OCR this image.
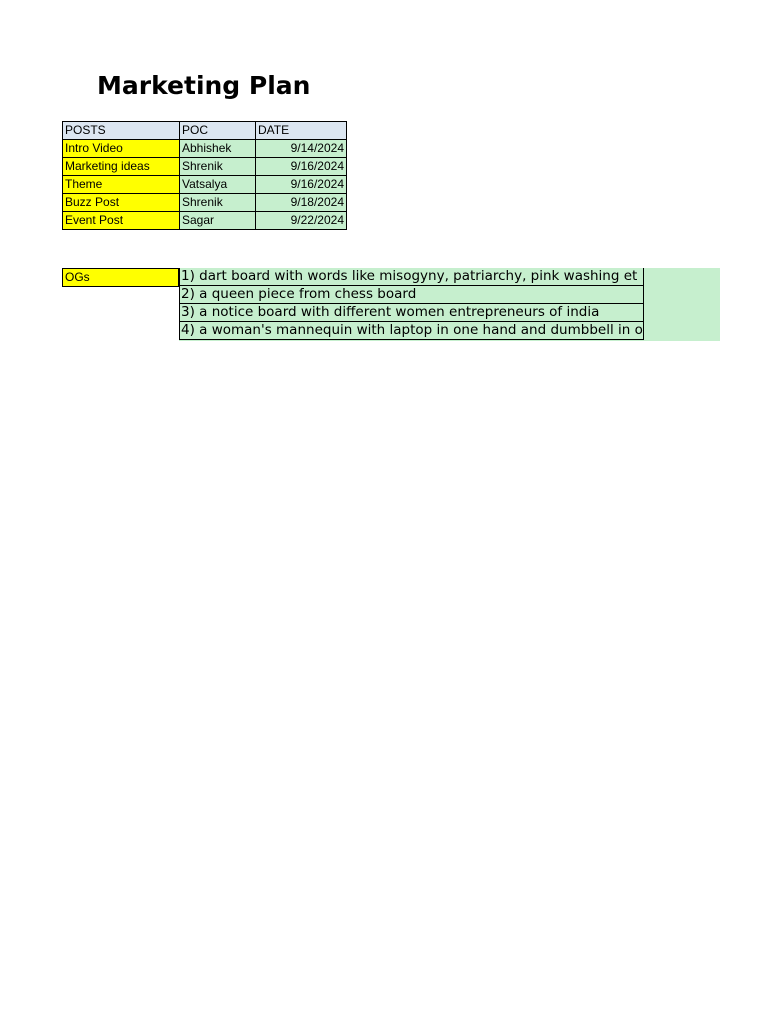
Marketing Plan
POSTS	POC	DATE
Intro Video	Abhishek	9/14/2024
Marketing ideas	Shrenik	9/16/2024
Theme	Vatsalya	9/16/2024
Buzz Post	Shrenik	9/18/2024
Event Post	Sagar	9/22/2024
OGs	1) dart board with words like misogyny, patriarchy, pink washing et
2) a queen piece from chess board
3) a notice board with different women entrepreneurs of india
4) a woman's mannequin with laptop in one hand and dumbbell in o
